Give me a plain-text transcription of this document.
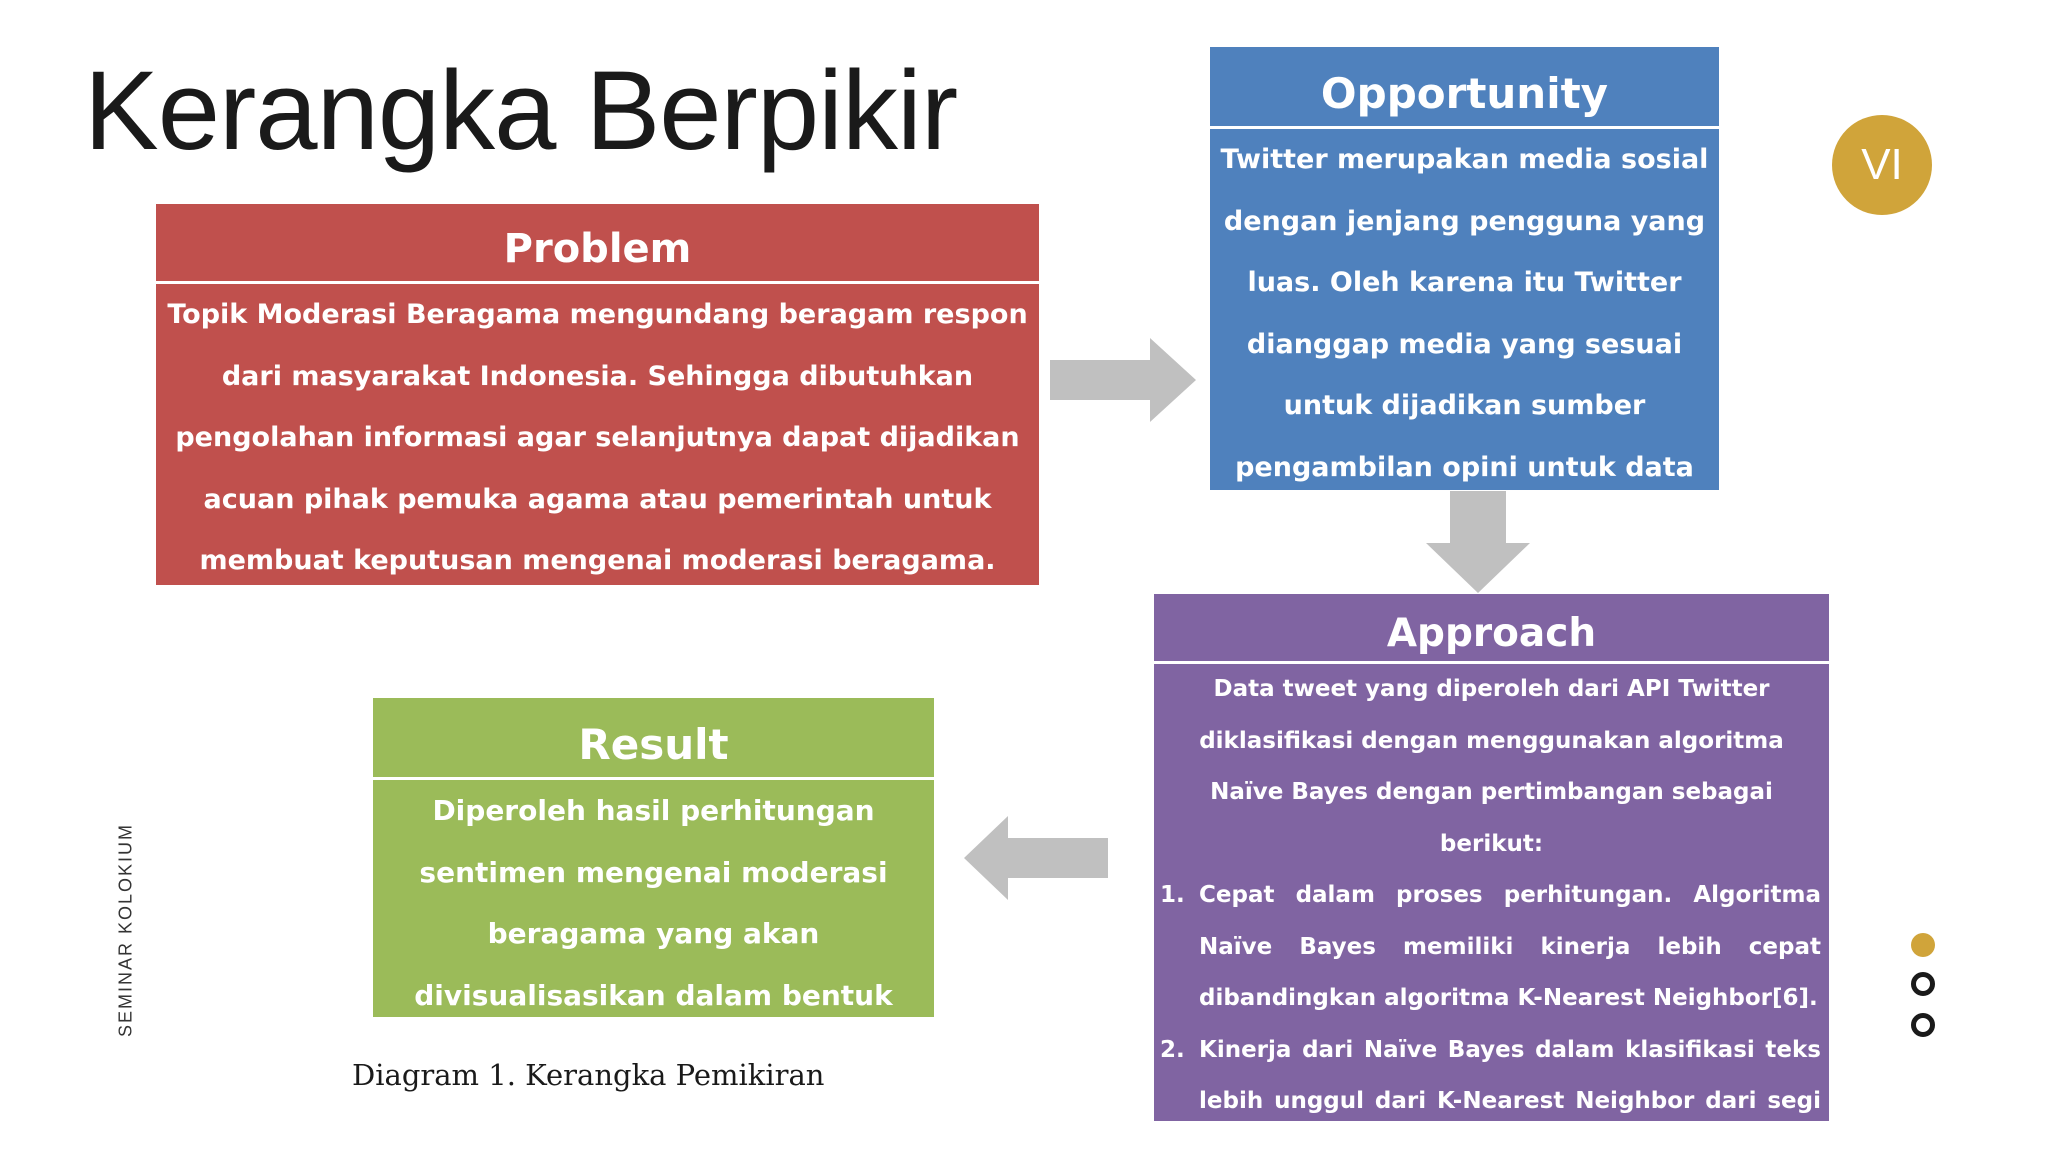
Kerangka Berpikir	VI
Problem
Topik Moderasi Beragama mengundang beragam respon dari masyarakat Indonesia. Sehingga dibutuhkan pengolahan informasi agar selanjutnya dapat dijadikan acuan pihak pemuka agama atau pemerintah untuk membuat keputusan mengenai moderasi beragama.
Opportunity
Twitter merupakan media sosial dengan jenjang pengguna yang luas. Oleh karena itu Twitter dianggap media yang sesuai untuk dijadikan sumber pengambilan opini untuk data
Approach
Data tweet yang diperoleh dari API Twitter diklasifikasi dengan menggunakan algoritma Naïve Bayes dengan pertimbangan sebagai berikut:
1. Cepat dalam proses perhitungan. Algoritma Naïve Bayes memiliki kinerja lebih cepat dibandingkan algoritma K-Nearest Neighbor[6].
2. Kinerja dari Naïve Bayes dalam klasifikasi teks lebih unggul dari K-Nearest Neighbor dari segi
Result
Diperoleh hasil perhitungan sentimen mengenai moderasi beragama yang akan divisualisasikan dalam bentuk
Diagram 1. Kerangka Pemikiran
SEMINAR KOLOKIUM
